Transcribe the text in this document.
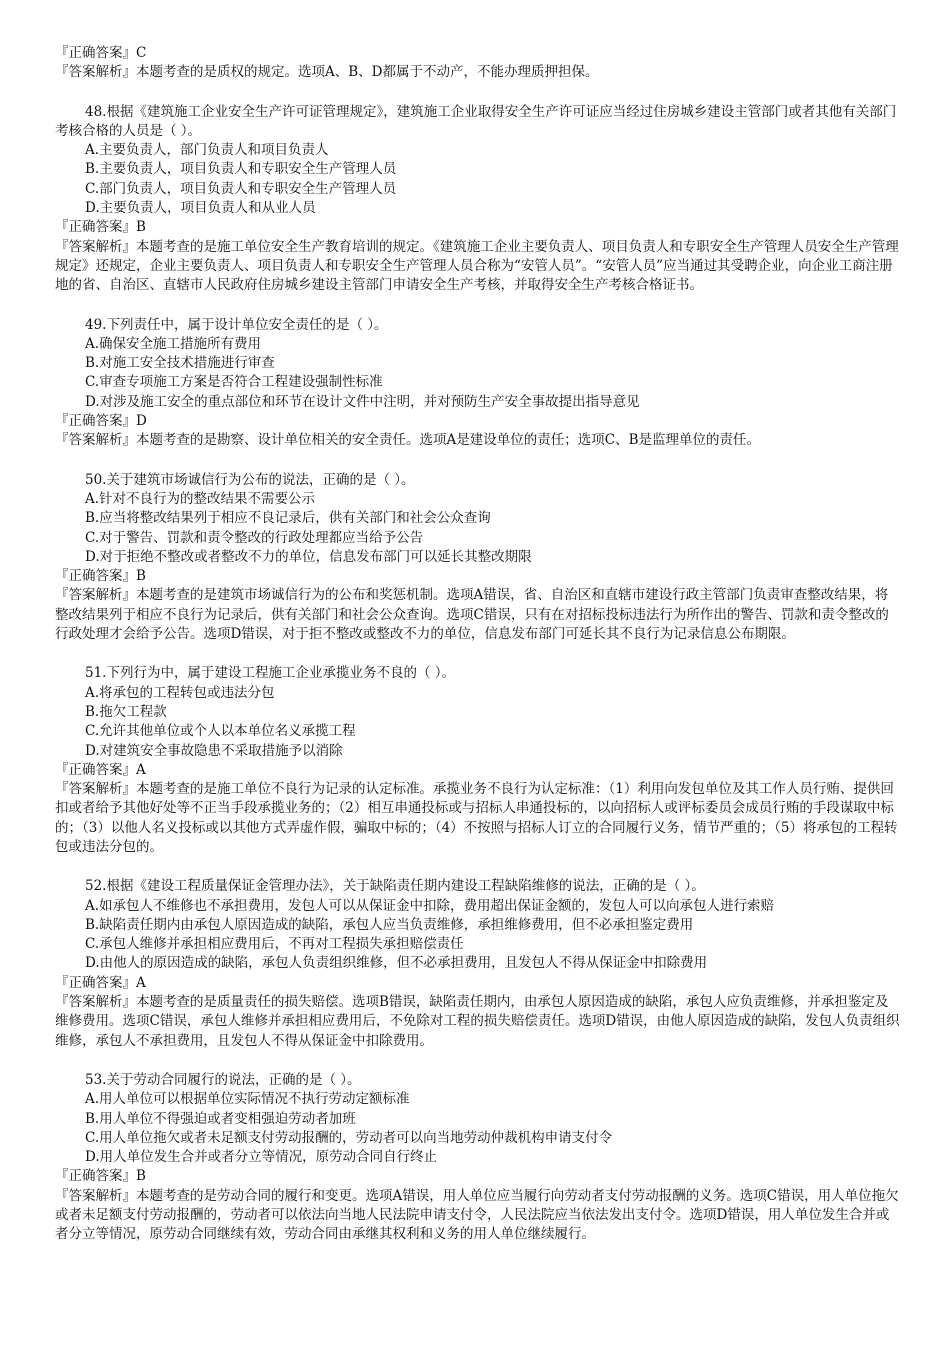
『正确答案』C

『答案解析』本题考查的是质权的规定。选项A、B、D都属于不动产，不能办理质押担保。

48.根据《建筑施工企业安全生产许可证管理规定》，建筑施工企业取得安全生产许可证应当经过住房城乡建设主管部门或者其他有关部门考核合格的人员是（ ）。

A.主要负责人，部门负责人和项目负责人

B.主要负责人，项目负责人和专职安全生产管理人员

C.部门负责人，项目负责人和专职安全生产管理人员

D.主要负责人，项目负责人和从业人员

『正确答案』B

『答案解析』本题考查的是施工单位安全生产教育培训的规定。《建筑施工企业主要负责人、项目负责人和专职安全生产管理人员安全生产管理规定》还规定，企业主要负责人、项目负责人和专职安全生产管理人员合称为“安管人员”。“安管人员”应当通过其受聘企业，向企业工商注册地的省、自治区、直辖市人民政府住房城乡建设主管部门申请安全生产考核，并取得安全生产考核合格证书。

49.下列责任中，属于设计单位安全责任的是（ ）。

A.确保安全施工措施所有费用

B.对施工安全技术措施进行审查

C.审查专项施工方案是否符合工程建设强制性标准

D.对涉及施工安全的重点部位和环节在设计文件中注明，并对预防生产安全事故提出指导意见

『正确答案』D

『答案解析』本题考查的是勘察、设计单位相关的安全责任。选项A是建设单位的责任；选项C、B是监理单位的责任。

50.关于建筑市场诚信行为公布的说法，正确的是（ ）。

A.针对不良行为的整改结果不需要公示

B.应当将整改结果列于相应不良记录后，供有关部门和社会公众查询

C.对于警告、罚款和责令整改的行政处理都应当给予公告

D.对于拒绝不整改或者整改不力的单位，信息发布部门可以延长其整改期限

『正确答案』B

『答案解析』本题考查的是建筑市场诚信行为的公布和奖惩机制。选项A错误，省、自治区和直辖市建设行政主管部门负责审查整改结果，将整改结果列于相应不良行为记录后，供有关部门和社会公众查询。选项C错误，只有在对招标投标违法行为所作出的警告、罚款和责令整改的行政处理才会给予公告。选项D错误，对于拒不整改或整改不力的单位，信息发布部门可延长其不良行为记录信息公布期限。

51.下列行为中，属于建设工程施工企业承揽业务不良的（ ）。

A.将承包的工程转包或违法分包

B.拖欠工程款

C.允许其他单位或个人以本单位名义承揽工程

D.对建筑安全事故隐患不采取措施予以消除

『正确答案』A

『答案解析』本题考查的是施工单位不良行为记录的认定标准。承揽业务不良行为认定标准：（1）利用向发包单位及其工作人员行贿、提供回扣或者给予其他好处等不正当手段承揽业务的；（2）相互串通投标或与招标人串通投标的，以向招标人或评标委员会成员行贿的手段谋取中标的；（3）以他人名义投标或以其他方式弄虚作假，骗取中标的；（4）不按照与招标人订立的合同履行义务，情节严重的；（5）将承包的工程转包或违法分包的。

52.根据《建设工程质量保证金管理办法》，关于缺陷责任期内建设工程缺陷维修的说法，正确的是（ ）。

A.如承包人不维修也不承担费用，发包人可以从保证金中扣除，费用超出保证金额的，发包人可以向承包人进行索赔

B.缺陷责任期内由承包人原因造成的缺陷，承包人应当负责维修，承担维修费用，但不必承担鉴定费用

C.承包人维修并承担相应费用后，不再对工程损失承担赔偿责任

D.由他人的原因造成的缺陷，承包人负责组织维修，但不必承担费用，且发包人不得从保证金中扣除费用

『正确答案』A

『答案解析』本题考查的是质量责任的损失赔偿。选项B错误，缺陷责任期内，由承包人原因造成的缺陷，承包人应负责维修，并承担鉴定及维修费用。选项C错误，承包人维修并承担相应费用后，不免除对工程的损失赔偿责任。选项D错误，由他人原因造成的缺陷，发包人负责组织维修，承包人不承担费用，且发包人不得从保证金中扣除费用。

53.关于劳动合同履行的说法，正确的是（ ）。

A.用人单位可以根据单位实际情况不执行劳动定额标准

B.用人单位不得强迫或者变相强迫劳动者加班

C.用人单位拖欠或者未足额支付劳动报酬的，劳动者可以向当地劳动仲裁机构申请支付令

D.用人单位发生合并或者分立等情况，原劳动合同自行终止

『正确答案』B

『答案解析』本题考查的是劳动合同的履行和变更。选项A错误，用人单位应当履行向劳动者支付劳动报酬的义务。选项C错误，用人单位拖欠或者未足额支付劳动报酬的，劳动者可以依法向当地人民法院申请支付令，人民法院应当依法发出支付令。选项D错误，用人单位发生合并或者分立等情况，原劳动合同继续有效，劳动合同由承继其权利和义务的用人单位继续履行。
